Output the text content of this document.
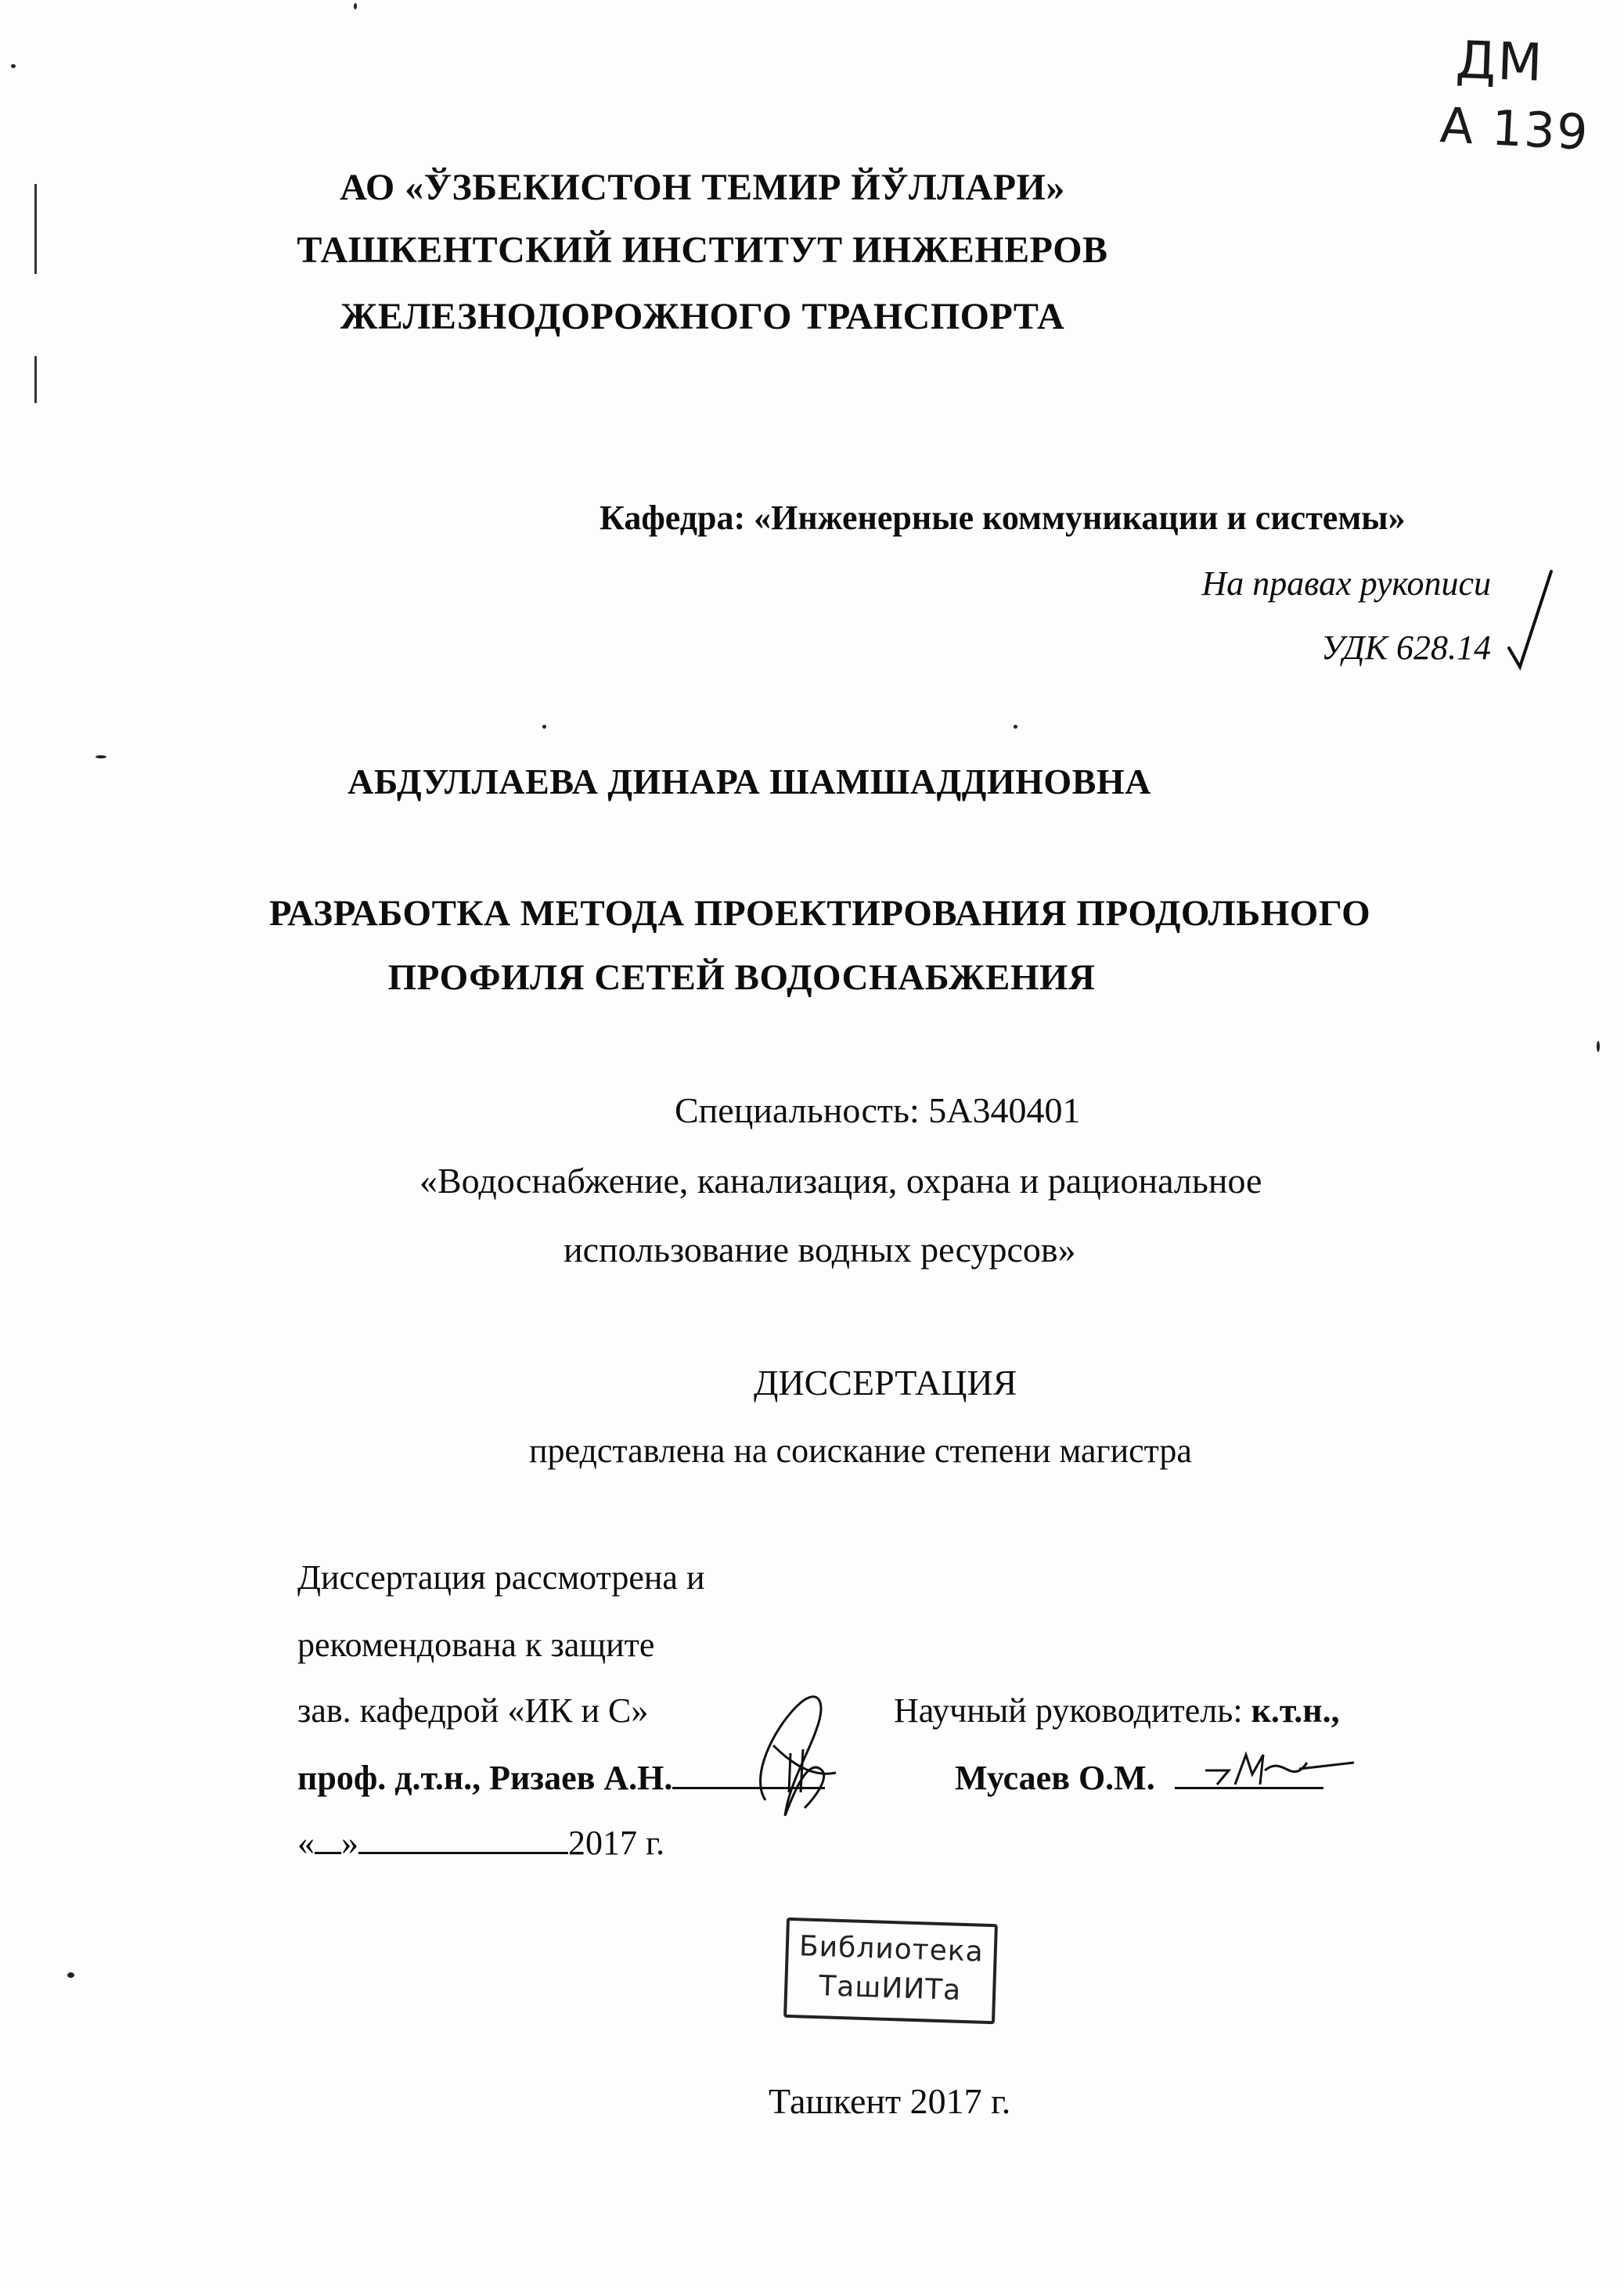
ДМ
А 139
АО «ЎЗБЕКИСТОН ТЕМИР ЙЎЛЛАРИ»
ТАШКЕНТСКИЙ ИНСТИТУТ ИНЖЕНЕРОВ
ЖЕЛЕЗНОДОРОЖНОГО ТРАНСПОРТА
Кафедра: «Инженерные коммуникации и системы»
На правах рукописи
УДК 628.14
АБДУЛЛАЕВА ДИНАРА ШАМШАДДИНОВНА
РАЗРАБОТКА МЕТОДА ПРОЕКТИРОВАНИЯ ПРОДОЛЬНОГО
ПРОФИЛЯ СЕТЕЙ ВОДОСНАБЖЕНИЯ
Специальность: 5А340401
«Водоснабжение, канализация, охрана и рациональное
использование водных ресурсов»
ДИССЕРТАЦИЯ
представлена на соискание степени магистра
Диссертация рассмотрена и
рекомендована к защите
зав. кафедрой «ИК и С»
проф. д.т.н., Ризаев А.Н.
« »	2017 г.
Научный руководитель: к.т.н.,
Мусаев О.М.
Библиотека
ТашИИТа
Ташкент 2017 г.
